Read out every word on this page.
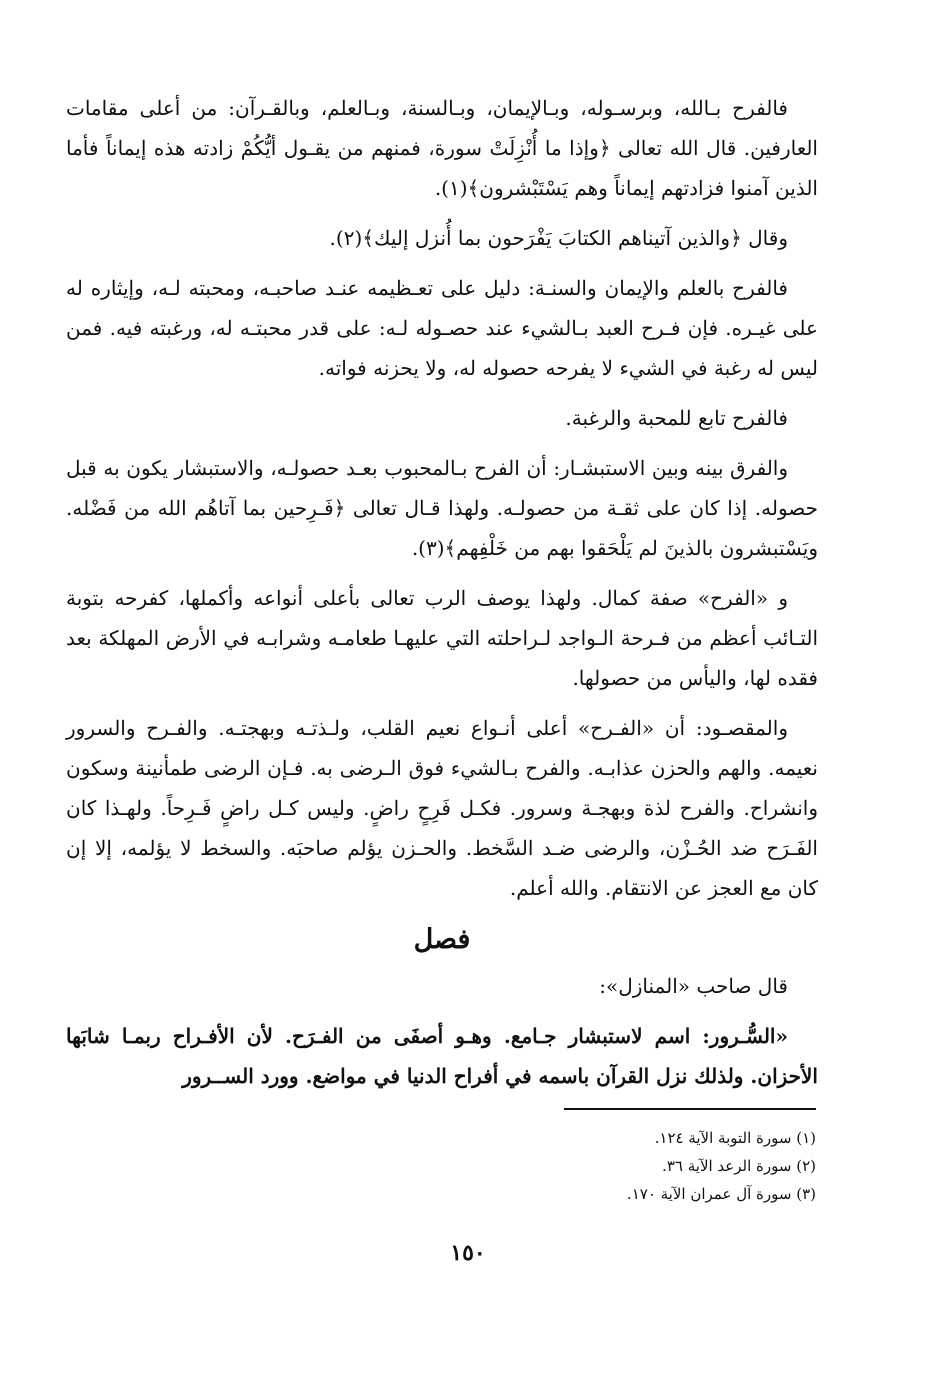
فالفرح بـالله، وبرسـوله، وبـالإيمان، وبـالسنة، وبـالعلم، وبالقـرآن: من أعلى مقامات العارفين. قال الله تعالى ﴿وإذا ما أُنْزِلَتْ سورة، فمنهم من يقـول أيُّكُمْ زادته هذه إيماناً فأما الذين آمنوا فزادتهم إيماناً وهم يَسْتَبْشرون﴾(١).

وقال ﴿والذين آتيناهم الكتابَ يَفْرَحون بما أُنزل إليك﴾(٢).

فالفرح بالعلم والإيمان والسنـة: دليل على تعـظيمه عنـد صاحبـه، ومحبته لـه، وإيثاره له على غيـره. فإن فـرح العبد بـالشيء عند حصـوله لـه: على قدر محبتـه له، ورغبته فيه. فمن ليس له رغبة في الشيء لا يفرحه حصوله له، ولا يحزنه فواته.

فالفرح تابع للمحبة والرغبة.

والفرق بينه وبين الاستبشـار: أن الفرح بـالمحبوب بعـد حصولـه، والاستبشار يكون به قبل حصوله. إذا كان على ثقـة من حصولـه. ولهذا قـال تعالى ﴿فَـرِحين بما آتاهُم الله من فَضْله. ويَسْتبشرون بالذينَ لم يَلْحَقوا بهم من خَلْفِهم﴾(٣).

و «الفرح» صفة كمال. ولهذا يوصف الرب تعالى بأعلى أنواعه وأكملها، كفرحه بتوبة التـائب أعظم من فـرحة الـواجد لـراحلته التي عليهـا طعامـه وشرابـه في الأرض المهلكة بعد فقده لها، واليأس من حصولها.

والمقصـود: أن «الفـرح» أعلى أنـواع نعيم القلب، ولـذتـه وبهجتـه. والفـرح والسرور نعيمه. والهم والحزن عذابـه. والفرح بـالشيء فوق الـرضى به. فـإن الرضى طمأنينة وسكون وانشراح. والفرح لذة وبهجـة وسرور. فكـل فَرِحٍ راضٍ. وليس كـل راضٍ فَـرِحاً. ولهـذا كان الفَـرَح ضد الحُـزْن، والرضى ضـد السَّخط. والحـزن يؤلم صاحبَه. والسخط لا يؤلمه، إلا إن كان مع العجز عن الانتقام. والله أعلم.

فصل

قال صاحب «المنازل»:

«السُّـرور: اسم لاستبشار جـامع. وهـو أصفَى من الفـرَح. لأن الأفـراح ربمـا شابَها الأحزان. ولذلك نزل القرآن باسمه في أفراح الدنيا في مواضع. وورد الســرور

(١) سورة التوبة الآية ١٢٤.

(٢) سورة الرعد الآية ٣٦.

(٣) سورة آل عمران الآية ١٧٠.

١٥٠
